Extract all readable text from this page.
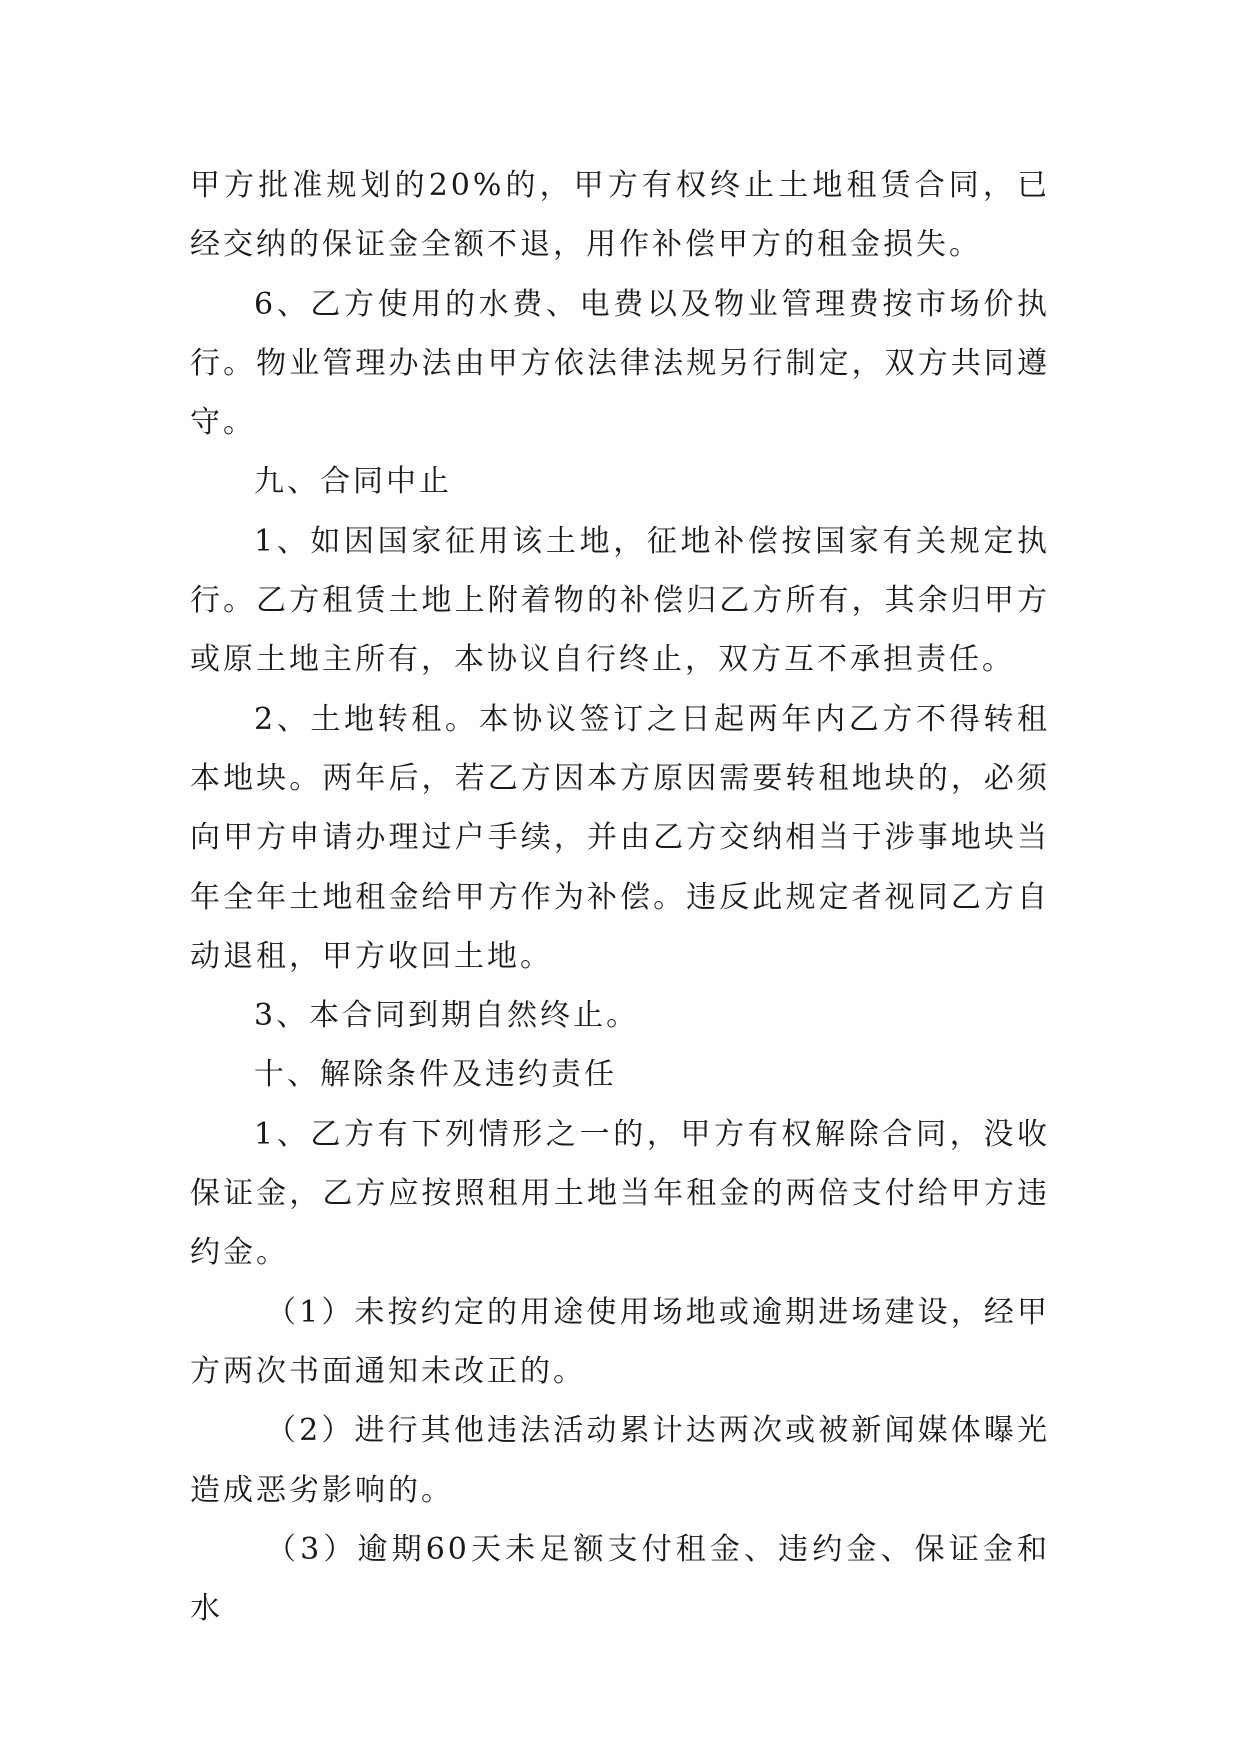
甲方批准规划的20%的，甲方有权终止土地租赁合同，已经交纳的保证金全额不退，用作补偿甲方的租金损失。

6、乙方使用的水费、电费以及物业管理费按市场价执行。物业管理办法由甲方依法律法规另行制定，双方共同遵守。

九、合同中止

1、如因国家征用该土地，征地补偿按国家有关规定执行。乙方租赁土地上附着物的补偿归乙方所有，其余归甲方或原土地主所有，本协议自行终止，双方互不承担责任。

2、土地转租。本协议签订之日起两年内乙方不得转租本地块。两年后，若乙方因本方原因需要转租地块的，必须向甲方申请办理过户手续，并由乙方交纳相当于涉事地块当年全年土地租金给甲方作为补偿。违反此规定者视同乙方自动退租，甲方收回土地。

3、本合同到期自然终止。

十、解除条件及违约责任

1、乙方有下列情形之一的，甲方有权解除合同，没收保证金，乙方应按照租用土地当年租金的两倍支付给甲方违约金。

（1）未按约定的用途使用场地或逾期进场建设，经甲方两次书面通知未改正的。

（2）进行其他违法活动累计达两次或被新闻媒体曝光造成恶劣影响的。

（3）逾期60天未足额支付租金、违约金、保证金和水
